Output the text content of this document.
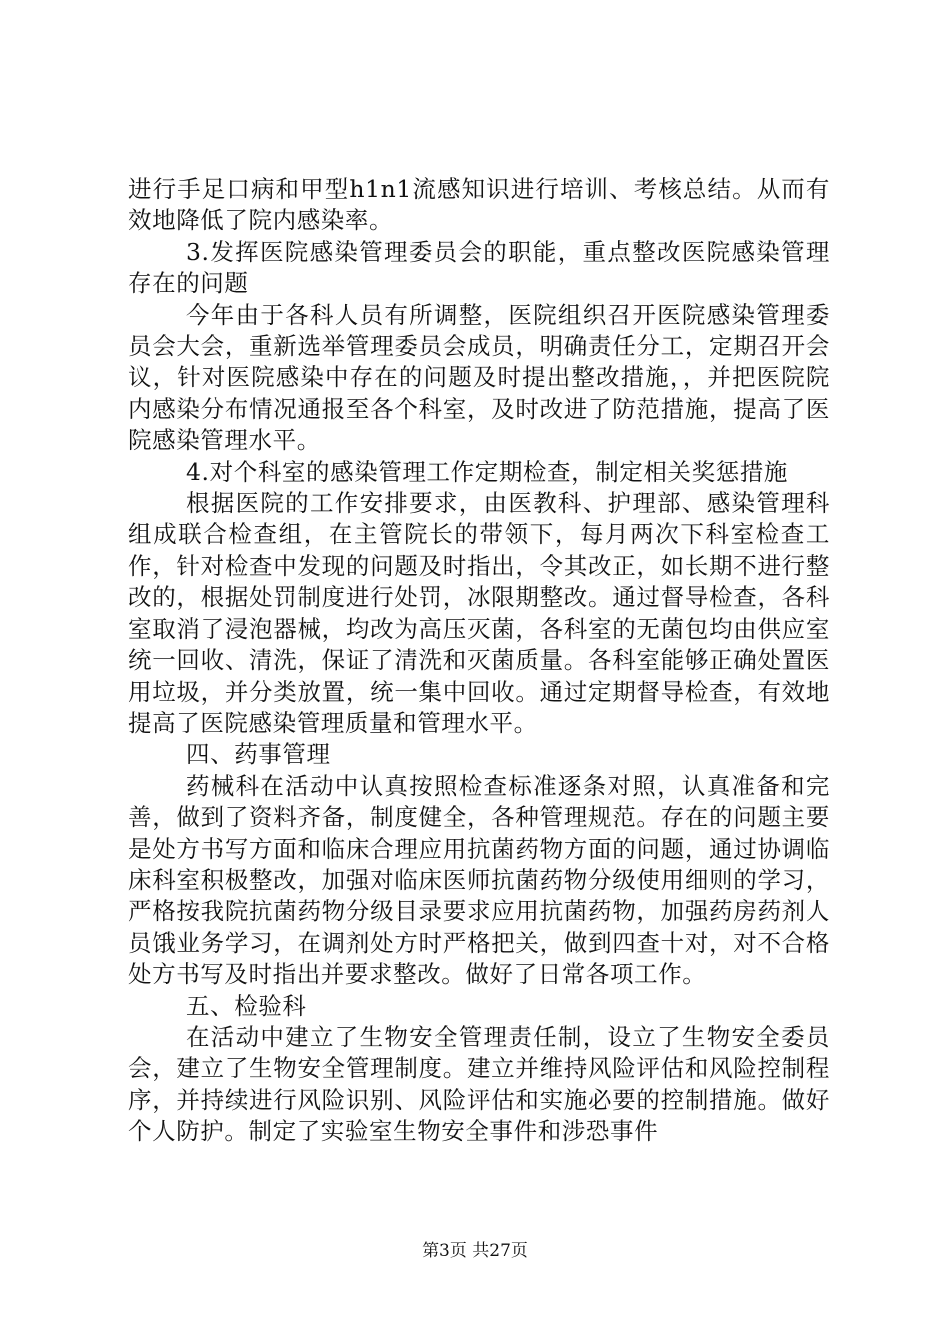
进行手足口病和甲型h1n1流感知识进行培训、考核总结。从而有效地降低了院内感染率。

3.发挥医院感染管理委员会的职能，重点整改医院感染管理存在的问题

今年由于各科人员有所调整，医院组织召开医院感染管理委员会大会，重新选举管理委员会成员，明确责任分工，定期召开会议，针对医院感染中存在的问题及时提出整改措施，，并把医院院内感染分布情况通报至各个科室，及时改进了防范措施，提高了医院感染管理水平。

4.对个科室的感染管理工作定期检查，制定相关奖惩措施

根据医院的工作安排要求，由医教科、护理部、感染管理科组成联合检查组，在主管院长的带领下，每月两次下科室检查工作，针对检查中发现的问题及时指出，令其改正，如长期不进行整改的，根据处罚制度进行处罚，冰限期整改。通过督导检查，各科室取消了浸泡器械，均改为高压灭菌，各科室的无菌包均由供应室统一回收、清洗，保证了清洗和灭菌质量。各科室能够正确处置医用垃圾，并分类放置，统一集中回收。通过定期督导检查，有效地提高了医院感染管理质量和管理水平。

四、药事管理

药械科在活动中认真按照检查标准逐条对照，认真准备和完善，做到了资料齐备，制度健全，各种管理规范。存在的问题主要是处方书写方面和临床合理应用抗菌药物方面的问题，通过协调临床科室积极整改，加强对临床医师抗菌药物分级使用细则的学习，严格按我院抗菌药物分级目录要求应用抗菌药物，加强药房药剂人员饿业务学习，在调剂处方时严格把关，做到四查十对，对不合格处方书写及时指出并要求整改。做好了日常各项工作。

五、检验科

在活动中建立了生物安全管理责任制，设立了生物安全委员会，建立了生物安全管理制度。建立并维持风险评估和风险控制程序，并持续进行风险识别、风险评估和实施必要的控制措施。做好个人防护。制定了实验室生物安全事件和涉恐事件

第3页 共27页
